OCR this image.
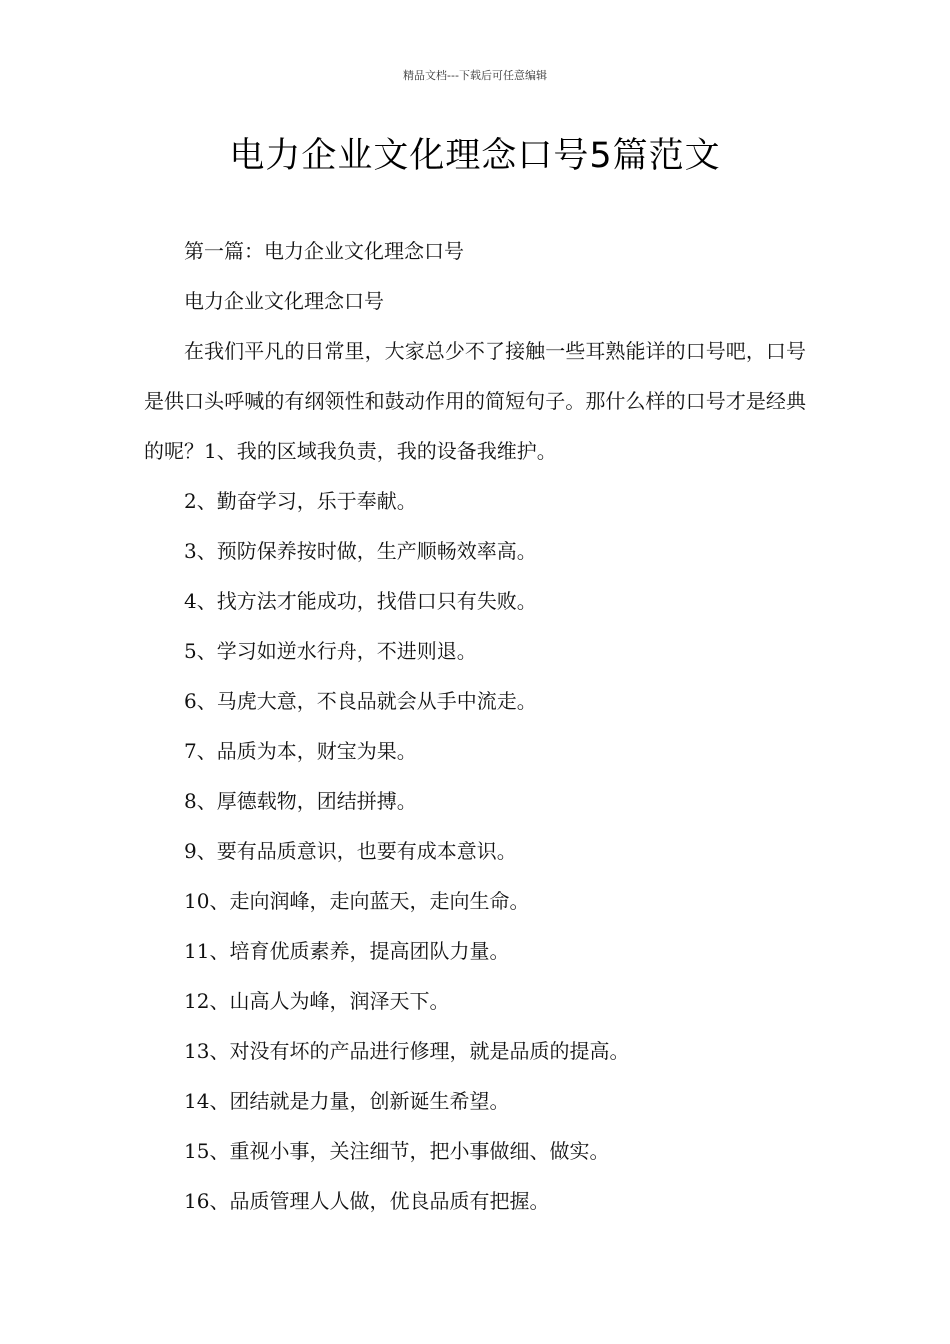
精品文档---下载后可任意编辑
电力企业文化理念口号5篇范文

第一篇：电力企业文化理念口号

电力企业文化理念口号

在我们平凡的日常里，大家总少不了接触一些耳熟能详的口号吧，口号是供口头呼喊的有纲领性和鼓动作用的简短句子。那什么样的口号才是经典的呢？1、我的区域我负责，我的设备我维护。

2、勤奋学习，乐于奉献。

3、预防保养按时做，生产顺畅效率高。

4、找方法才能成功，找借口只有失败。

5、学习如逆水行舟，不进则退。

6、马虎大意，不良品就会从手中流走。

7、品质为本，财宝为果。

8、厚德载物，团结拼搏。

9、要有品质意识，也要有成本意识。

10、走向润峰，走向蓝天，走向生命。

11、培育优质素养，提高团队力量。

12、山高人为峰，润泽天下。

13、对没有坏的产品进行修理，就是品质的提高。

14、团结就是力量，创新诞生希望。

15、重视小事，关注细节，把小事做细、做实。

16、品质管理人人做，优良品质有把握。
